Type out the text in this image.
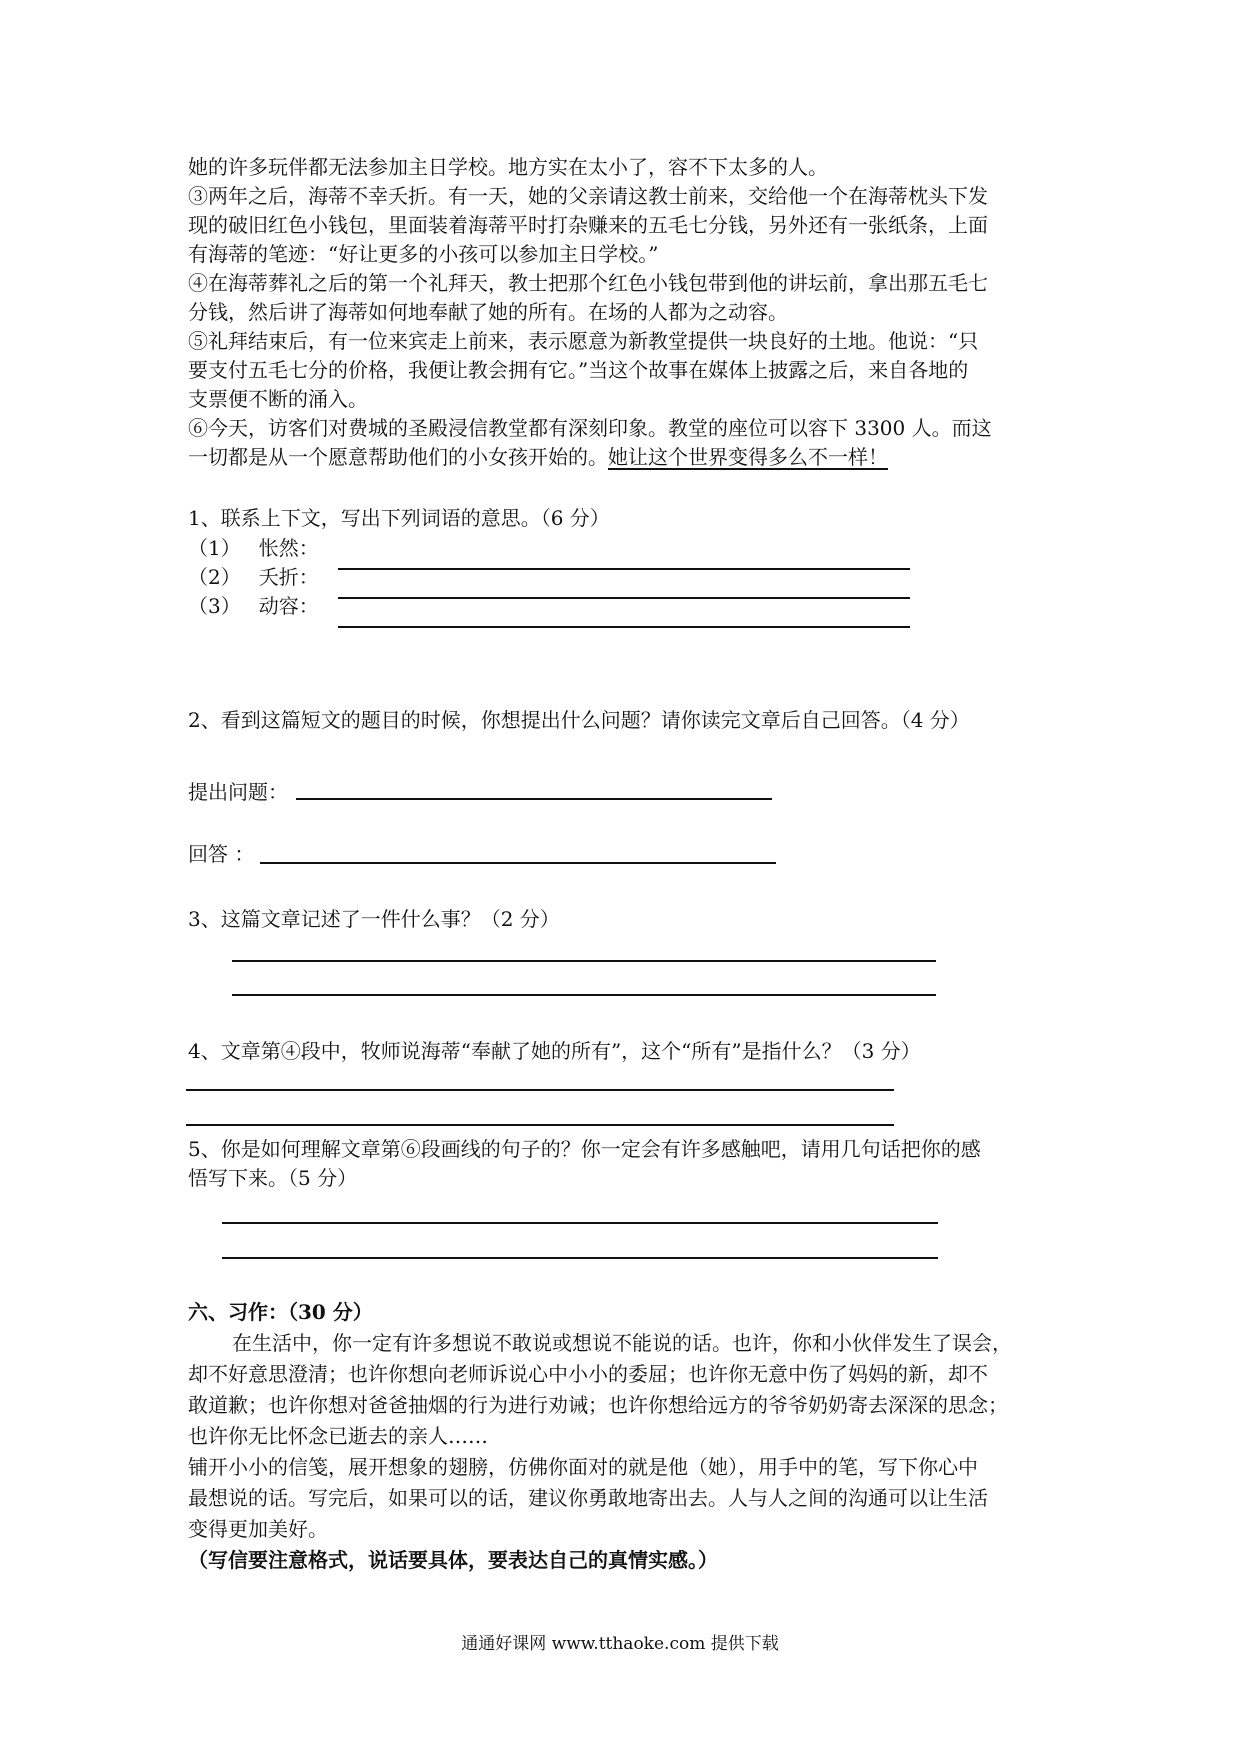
她的许多玩伴都无法参加主日学校。地方实在太小了，容不下太多的人。
③两年之后，海蒂不幸夭折。有一天，她的父亲请这教士前来，交给他一个在海蒂枕头下发
现的破旧红色小钱包，里面装着海蒂平时打杂赚来的五毛七分钱，另外还有一张纸条，上面
有海蒂的笔迹：“好让更多的小孩可以参加主日学校。”
④在海蒂葬礼之后的第一个礼拜天，教士把那个红色小钱包带到他的讲坛前，拿出那五毛七
分钱，然后讲了海蒂如何地奉献了她的所有。在场的人都为之动容。
⑤礼拜结束后，有一位来宾走上前来，表示愿意为新教堂提供一块良好的土地。他说：“只
要支付五毛七分的价格，我便让教会拥有它。”当这个故事在媒体上披露之后，来自各地的
支票便不断的涌入。
⑥今天，访客们对费城的圣殿浸信教堂都有深刻印象。教堂的座位可以容下 3300 人。而这
一切都是从一个愿意帮助他们的小女孩开始的。她让这个世界变得多么不一样！
1、联系上下文，写出下列词语的意思。（6 分）
（1） 怅然：
（2） 夭折：
（3） 动容：
2、看到这篇短文的题目的时候，你想提出什么问题？请你读完文章后自己回答。（4 分）
提出问题：
回答 ：
3、这篇文章记述了一件什么事？（2 分）
4、文章第④段中，牧师说海蒂“奉献了她的所有”，这个“所有”是指什么？（3 分）
5、你是如何理解文章第⑥段画线的句子的？你一定会有许多感触吧，请用几句话把你的感
悟写下来。（5 分）
六、习作：（30 分）
在生活中，你一定有许多想说不敢说或想说不能说的话。也许，你和小伙伴发生了误会，
却不好意思澄清；也许你想向老师诉说心中小小的委屈；也许你无意中伤了妈妈的新，却不
敢道歉；也许你想对爸爸抽烟的行为进行劝诫；也许你想给远方的爷爷奶奶寄去深深的思念；
也许你无比怀念已逝去的亲人……
铺开小小的信笺，展开想象的翅膀，仿佛你面对的就是他（她），用手中的笔，写下你心中
最想说的话。写完后，如果可以的话，建议你勇敢地寄出去。人与人之间的沟通可以让生活
变得更加美好。
（写信要注意格式，说话要具体，要表达自己的真情实感。）
通通好课网 www.tthaoke.com 提供下载
